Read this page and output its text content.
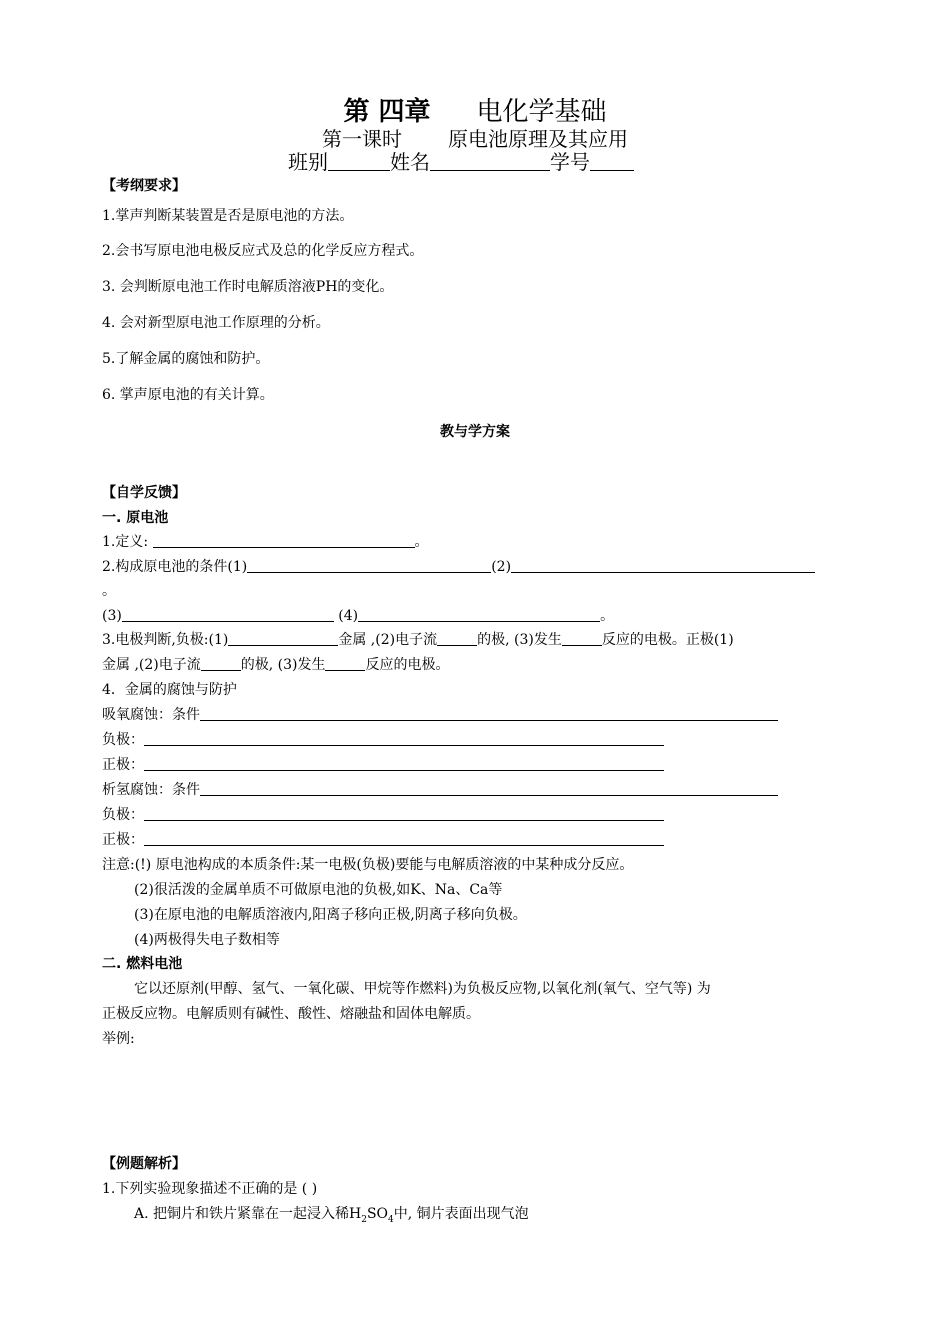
第 四章 电化学基础
第一课时 原电池原理及其应用
班别	姓名	学号
【考纲要求】
1.掌声判断某装置是否是原电池的方法。
2.会书写原电池电极反应式及总的化学反应方程式。
3. 会判断原电池工作时电解质溶液PH的变化。
4. 会对新型原电池工作原理的分析。
5.了解金属的腐蚀和防护。
6. 掌声原电池的有关计算。
教与学方案
【自学反馈】
一. 原电池
1.定义:	。
2.构成原电池的条件(1)	(2)
。
(3)	(4)	。
3.电极判断,负极:(1)	金属 ,(2)电子流	的极, (3)发生	反应的电极。正极(1)
金属 ,(2)电子流	的极, (3)发生	反应的电极。
4．金属的腐蚀与防护
吸氧腐蚀：条件
负极：
正极：
析氢腐蚀：条件
负极：
正极：
注意:(!) 原电池构成的本质条件:某一电极(负极)要能与电解质溶液的中某种成分反应。
(2)很活泼的金属单质不可做原电池的负极,如K、Na、Ca等
(3)在原电池的电解质溶液内,阳离子移向正极,阴离子移向负极。
(4)两极得失电子数相等
二. 燃料电池
它以还原剂(甲醇、氢气、一氧化碳、甲烷等作燃料)为负极反应物,以氧化剂(氧气、空气等) 为
正极反应物。电解质则有碱性、酸性、熔融盐和固体电解质。
举例:
【例题解析】
1.下列实验现象描述不正确的是 ( )
A. 把铜片和铁片紧靠在一起浸入稀$H_2SO_4$中, 铜片表面出现气泡
